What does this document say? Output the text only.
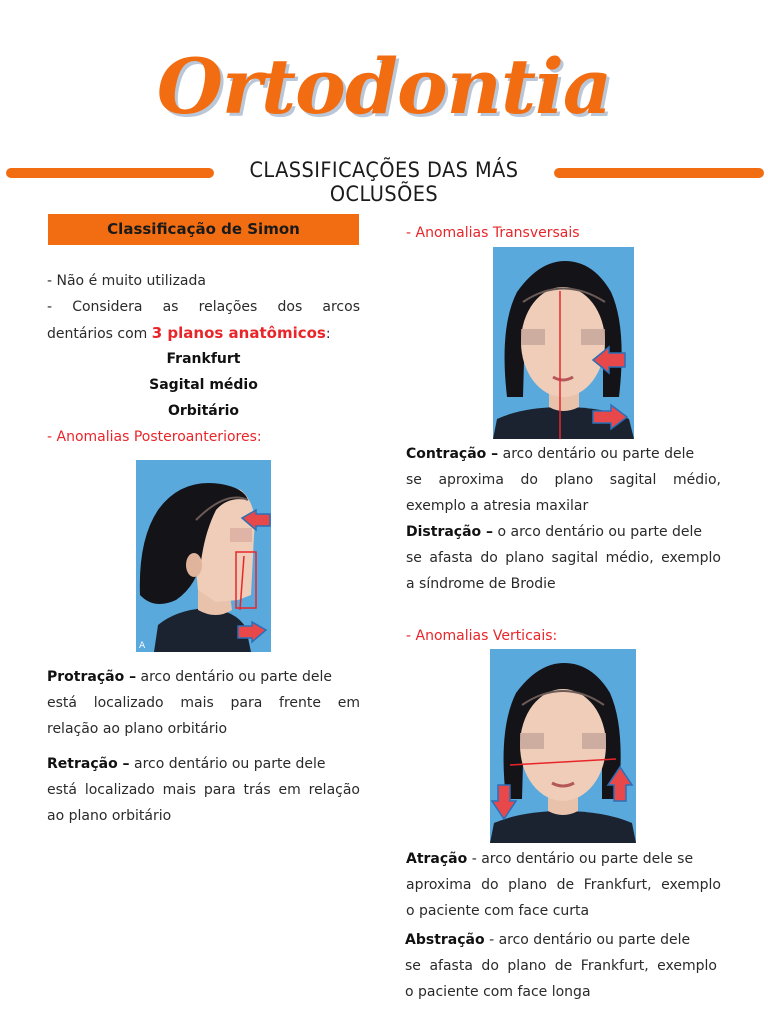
Ortodontia
CLASSIFICAÇÕES DAS MÁS OCLUSÕES
Classificação de Simon
- Não é muito utilizada
- Considera as relações dos arcos
dentários com 3 planos anatômicos:
Frankfurt
Sagital médio
Orbitário
- Anomalias Posteroanteriores:
A
Protração – arco dentário ou parte dele
está localizado mais para frente em
relação ao plano orbitário
Retração – arco dentário ou parte dele
está localizado mais para trás em relação
ao plano orbitário
- Anomalias Transversais
Contração – arco dentário ou parte dele
se aproxima do plano sagital médio,
exemplo a atresia maxilar
Distração – o arco dentário ou parte dele
se afasta do plano sagital médio, exemplo
a síndrome de Brodie
- Anomalias Verticais:
Atração - arco dentário ou parte dele se
aproxima do plano de Frankfurt, exemplo
o paciente com face curta
Abstração - arco dentário ou parte dele
se afasta do plano de Frankfurt, exemplo
o paciente com face longa
